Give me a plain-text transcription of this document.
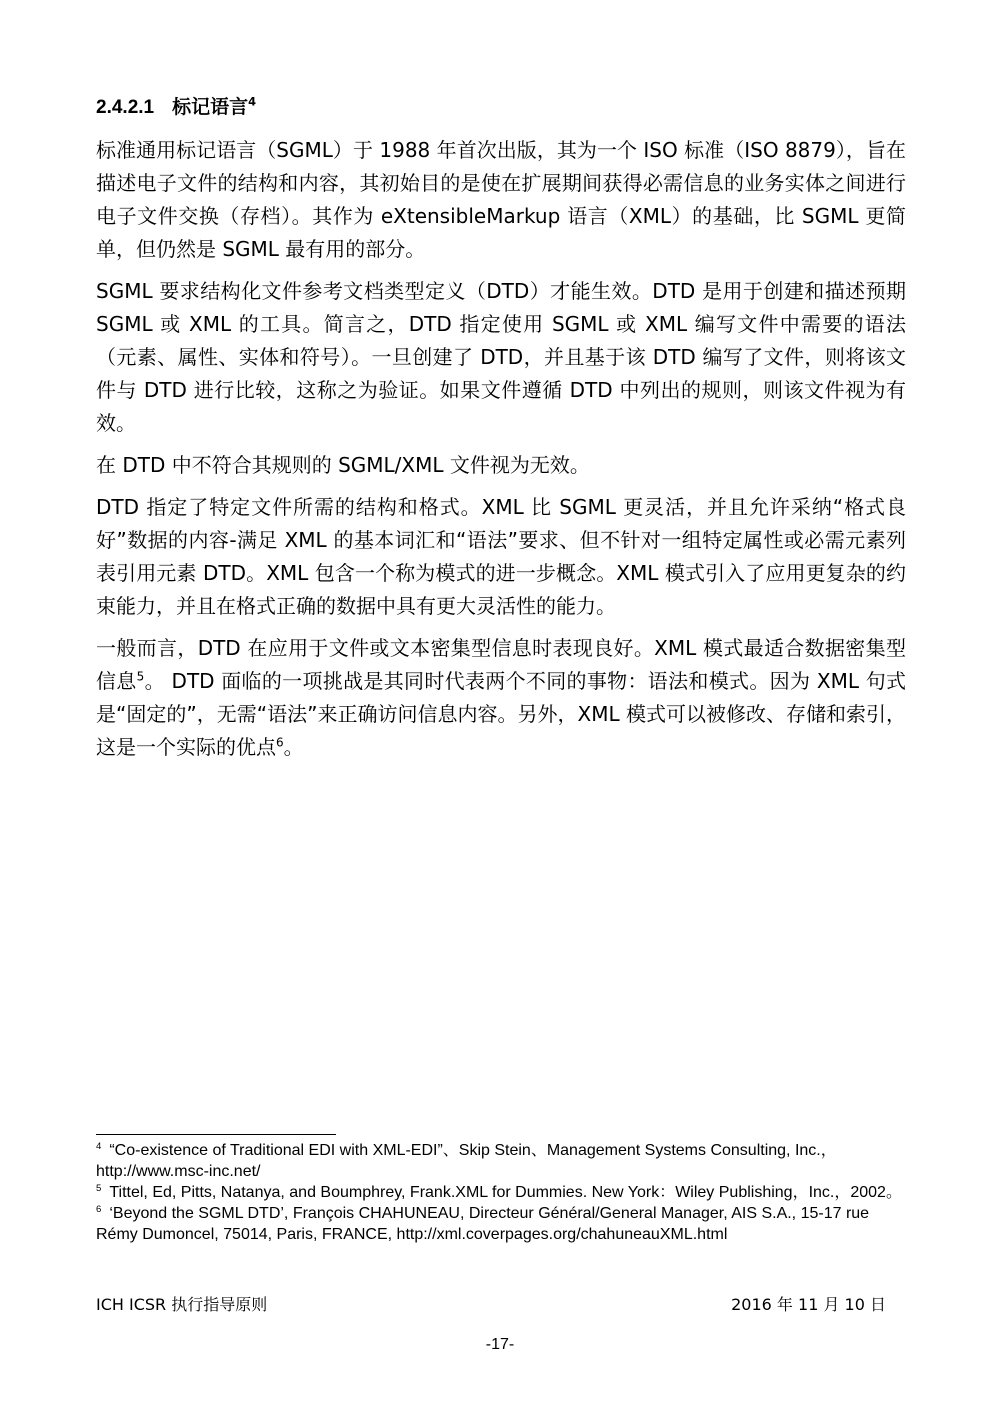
2.4.2.1 标记语言$^4$

标准通用标记语言（SGML）于 1988 年首次出版，其为一个 ISO 标准（ISO 8879），旨在描述电子文件的结构和内容，其初始目的是使在扩展期间获得必需信息的业务实体之间进行电子文件交换（存档）。其作为 eXtensibleMarkup 语言（XML）的基础，比 SGML 更简单，但仍然是 SGML 最有用的部分。

SGML 要求结构化文件参考文档类型定义（DTD）才能生效。DTD 是用于创建和描述预期 SGML 或 XML 的工具。简言之，DTD 指定使用 SGML 或 XML 编写文件中需要的语法（元素、属性、实体和符号）。一旦创建了 DTD，并且基于该 DTD 编写了文件，则将该文件与 DTD 进行比较，这称之为验证。如果文件遵循 DTD 中列出的规则，则该文件视为有效。

在 DTD 中不符合其规则的 SGML/XML 文件视为无效。

DTD 指定了特定文件所需的结构和格式。XML 比 SGML 更灵活，并且允许采纳“格式良好”数据的内容-满足 XML 的基本词汇和“语法”要求、但不针对一组特定属性或必需元素列表引用元素 DTD。XML 包含一个称为模式的进一步概念。XML 模式引入了应用更复杂的约束能力，并且在格式正确的数据中具有更大灵活性的能力。

一般而言，DTD 在应用于文件或文本密集型信息时表现良好。XML 模式最适合数据密集型信息$^5$。 DTD 面临的一项挑战是其同时代表两个不同的事物：语法和模式。因为 XML 句式是“固定的”，无需“语法”来正确访问信息内容。另外，XML 模式可以被修改、存储和索引，这是一个实际的优点$^6$。

$^4$ “Co-existence of Traditional EDI with XML-EDI”、Skip Stein、Management Systems Consulting, Inc.，http://www.msc-inc.net/

$^5$ Tittel, Ed, Pitts, Natanya, and Boumphrey, Frank.XML for Dummies. New York：Wiley Publishing，Inc.，2002。

$^6$ ‘Beyond the SGML DTD’, François CHAHUNEAU, Directeur Général/General Manager, AIS S.A., 15-17 rue Rémy Dumoncel, 75014, Paris, FRANCE, http://xml.coverpages.org/chahuneauXML.html

ICH ICSR 执行指导原则	2016 年 11 月 10 日
-17-
